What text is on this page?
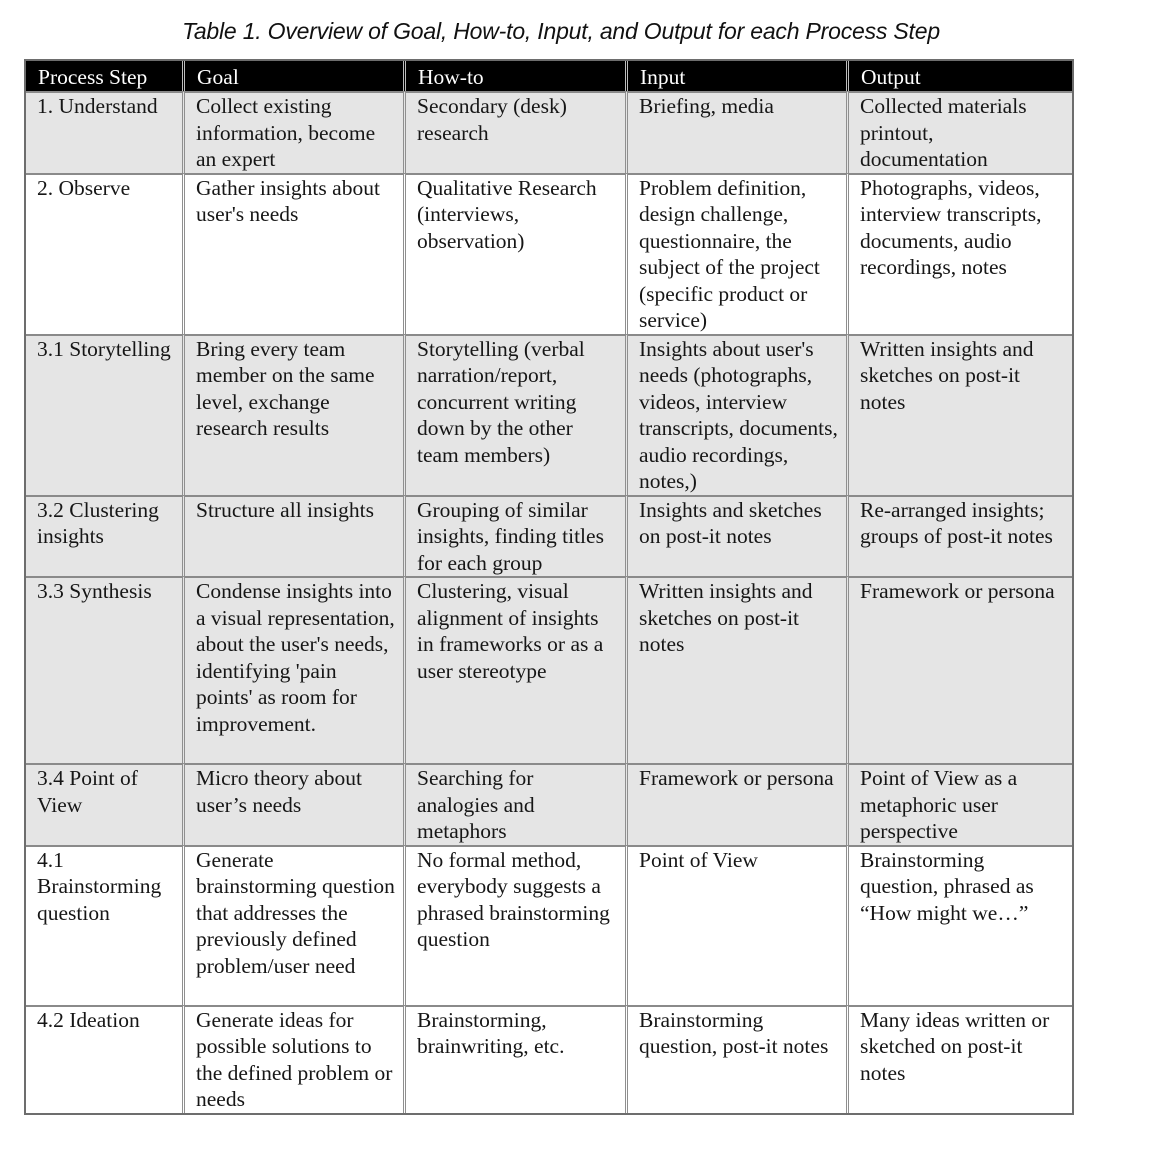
Table 1. Overview of Goal, How-to, Input, and Output for each Process Step
Process Step	Goal	How-to	Input	Output
1. Understand	Collect existing information, become an expert	Secondary (desk) research	Briefing, media	Collected materials printout, documentation
2. Observe	Gather insights about user's needs	Qualitative Research (interviews, observation)	Problem definition, design challenge, questionnaire, the subject of the project (specific product or service)	Photographs, videos, interview transcripts, documents, audio recordings, notes
3.1 Storytelling	Bring every team member on the same level, exchange research results	Storytelling (verbal narration/report, concurrent writing down by the other team members)	Insights about user's needs (photographs, videos, interview transcripts, documents, audio recordings, notes,)	Written insights and sketches on post-it notes
3.2 Clustering insights	Structure all insights	Grouping of similar insights, finding titles for each group	Insights and sketches on post-it notes	Re-arranged insights; groups of post-it notes
3.3 Synthesis	Condense insights into a visual representation, about the user's needs, identifying 'pain points' as room for improvement.	Clustering, visual alignment of insights in frameworks or as a user stereotype	Written insights and sketches on post-it notes	Framework or persona
3.4 Point of View	Micro theory about user’s needs	Searching for analogies and metaphors	Framework or persona	Point of View as a metaphoric user perspective
4.1 Brainstorming question	Generate brainstorming question that addresses the previously defined problem/user need	No formal method, everybody suggests a phrased brainstorming question	Point of View	Brainstorming question, phrased as “How might we…”
4.2 Ideation	Generate ideas for possible solutions to the defined problem or needs	Brainstorming, brainwriting, etc.	Brainstorming question, post-it notes	Many ideas written or sketched on post-it notes
